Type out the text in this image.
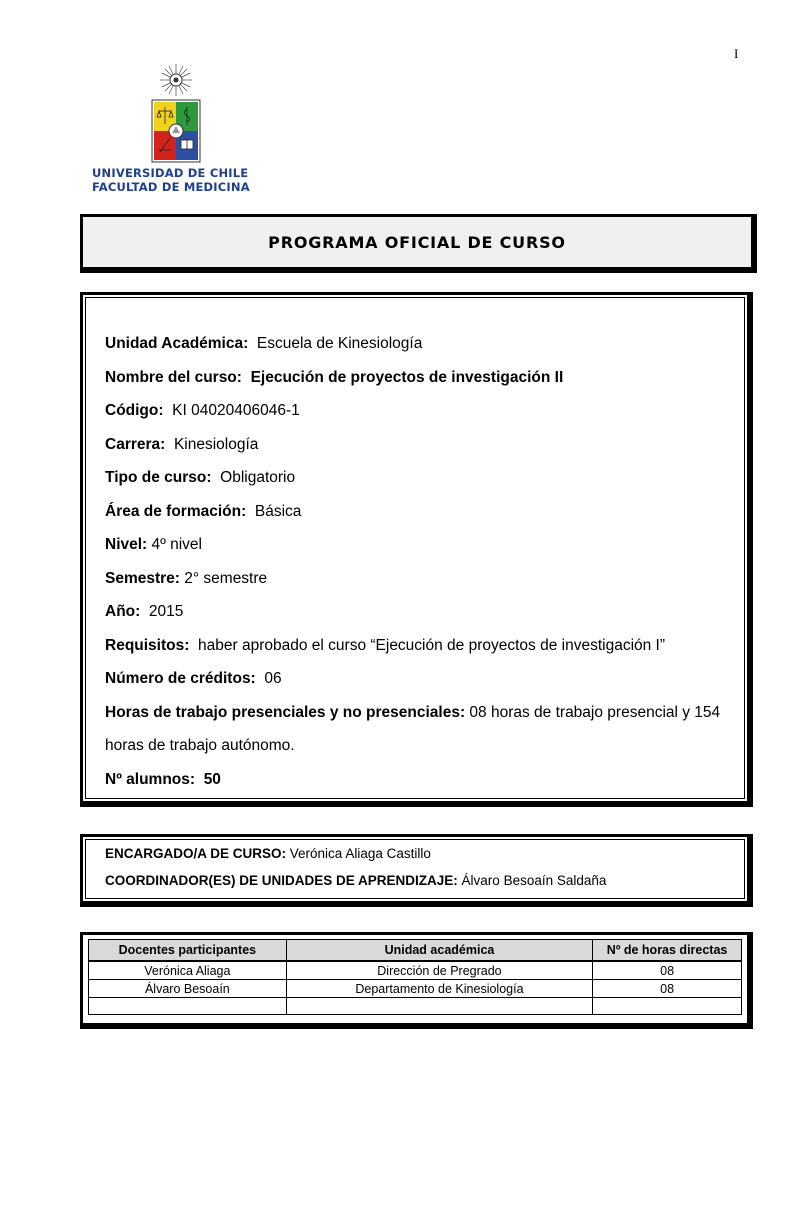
I
UNIVERSIDAD DE CHILE
FACULTAD DE MEDICINA
PROGRAMA OFICIAL DE CURSO
Unidad Académica: Escuela de Kinesiología
Nombre del curso: Ejecución de proyectos de investigación II
Código: KI 04020406046-1
Carrera: Kinesiología
Tipo de curso: Obligatorio
Área de formación: Básica
Nivel: 4º nivel
Semestre: 2° semestre
Año: 2015
Requisitos: haber aprobado el curso “Ejecución de proyectos de investigación I”
Número de créditos: 06
Horas de trabajo presenciales y no presenciales: 08 horas de trabajo presencial y 154
horas de trabajo autónomo.
Nº alumnos: 50
ENCARGADO/A DE CURSO: Verónica Aliaga Castillo
COORDINADOR(ES) DE UNIDADES DE APRENDIZAJE: Álvaro Besoaín Saldaña
Docentes participantes	Unidad académica	Nº de horas directas
Verónica Aliaga	Dirección de Pregrado	08
Álvaro Besoaín	Departamento de Kinesiología	08
